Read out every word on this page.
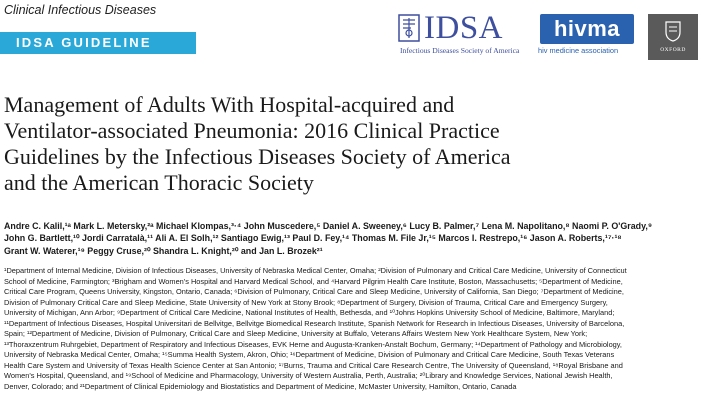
Clinical Infectious Diseases
IDSA GUIDELINE	IDSA
Infectious Diseases Society of America
hivma
hiv medicine association	OXFORD
Management of Adults With Hospital-acquired and
Ventilator-associated Pneumonia: 2016 Clinical Practice
Guidelines by the Infectious Diseases Society of America
and the American Thoracic Society
Andre C. Kalil,¹ᵃ Mark L. Metersky,²ᵃ Michael Klompas,³·⁴ John Muscedere,⁵ Daniel A. Sweeney,⁶ Lucy B. Palmer,⁷ Lena M. Napolitano,⁸ Naomi P. O'Grady,⁹
John G. Bartlett,¹⁰ Jordi Carratalà,¹¹ Ali A. El Solh,¹² Santiago Ewig,¹³ Paul D. Fey,¹⁴ Thomas M. File Jr,¹⁵ Marcos I. Restrepo,¹⁶ Jason A. Roberts,¹⁷·¹⁸
Grant W. Waterer,¹⁹ Peggy Cruse,²⁰ Shandra L. Knight,²⁰ and Jan L. Brozek²¹
¹Department of Internal Medicine, Division of Infectious Diseases, University of Nebraska Medical Center, Omaha; ²Division of Pulmonary and Critical Care Medicine, University of Connecticut
School of Medicine, Farmington; ³Brigham and Women's Hospital and Harvard Medical School, and ⁴Harvard Pilgrim Health Care Institute, Boston, Massachusetts; ⁵Department of Medicine,
Critical Care Program, Queens University, Kingston, Ontario, Canada; ⁶Division of Pulmonary, Critical Care and Sleep Medicine, University of California, San Diego; ⁷Department of Medicine,
Division of Pulmonary Critical Care and Sleep Medicine, State University of New York at Stony Brook; ⁸Department of Surgery, Division of Trauma, Critical Care and Emergency Surgery,
University of Michigan, Ann Arbor; ⁹Department of Critical Care Medicine, National Institutes of Health, Bethesda, and ¹⁰Johns Hopkins University School of Medicine, Baltimore, Maryland;
¹¹Department of Infectious Diseases, Hospital Universitari de Bellvitge, Bellvitge Biomedical Research Institute, Spanish Network for Research in Infectious Diseases, University of Barcelona,
Spain; ¹²Department of Medicine, Division of Pulmonary, Critical Care and Sleep Medicine, University at Buffalo, Veterans Affairs Western New York Healthcare System, New York;
¹³Thoraxzentrum Ruhrgebiet, Department of Respiratory and Infectious Diseases, EVK Herne and Augusta-Kranken-Anstalt Bochum, Germany; ¹⁴Department of Pathology and Microbiology,
University of Nebraska Medical Center, Omaha; ¹⁵Summa Health System, Akron, Ohio; ¹⁶Department of Medicine, Division of Pulmonary and Critical Care Medicine, South Texas Veterans
Health Care System and University of Texas Health Science Center at San Antonio; ¹⁷Burns, Trauma and Critical Care Research Centre, The University of Queensland, ¹⁸Royal Brisbane and
Women's Hospital, Queensland, and ¹⁹School of Medicine and Pharmacology, University of Western Australia, Perth, Australia; ²⁰Library and Knowledge Services, National Jewish Health,
Denver, Colorado; and ²¹Department of Clinical Epidemiology and Biostatistics and Department of Medicine, McMaster University, Hamilton, Ontario, Canada
